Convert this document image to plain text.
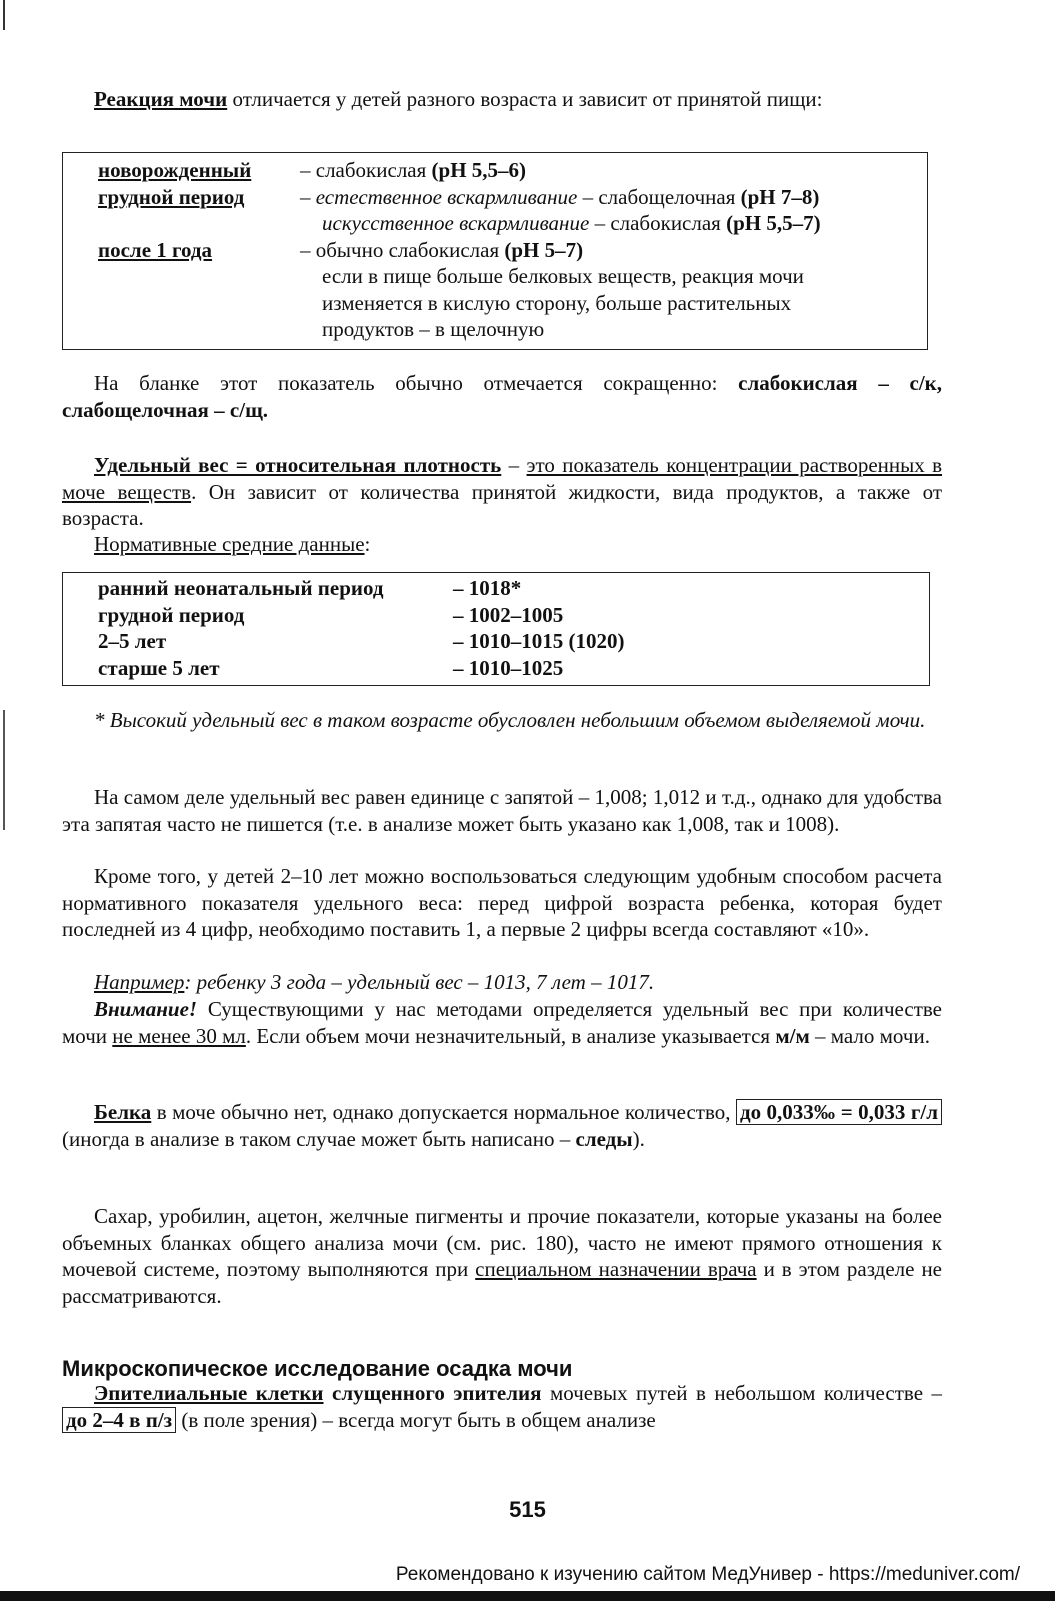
Реакция мочи отличается у детей разного возраста и зависит от принятой пищи:
новорожденный	– слабокислая (pH 5,5–6)
грудной период	– естественное вскармливание – слабощелочная (pH 7–8)
искусственное вскармливание – слабокислая (pH 5,5–7)
после 1 года	– обычно слабокислая (pH 5–7)
если в пище больше белковых веществ, реакция мочи
изменяется в кислую сторону, больше растительных
продуктов – в щелочную
На бланке этот показатель обычно отмечается сокращенно: слабокислая – с/к, слабощелочная – с/щ.
Удельный вес = относительная плотность – это показатель концентрации растворенных в моче веществ. Он зависит от количества принятой жидкости, вида продуктов, а также от возраста.
Нормативные средние данные:
ранний неонатальный период	– 1018*
грудной период	– 1002–1005
2–5 лет	– 1010–1015 (1020)
старше 5 лет	– 1010–1025
* Высокий удельный вес в таком возрасте обусловлен небольшим объемом выделяемой мочи.
На самом деле удельный вес равен единице с запятой – 1,008; 1,012 и т.д., однако для удобства эта запятая часто не пишется (т.е. в анализе может быть указано как 1,008, так и 1008).
Кроме того, у детей 2–10 лет можно воспользоваться следующим удобным способом расчета нормативного показателя удельного веса: перед цифрой возраста ребенка, которая будет последней из 4 цифр, необходимо поставить 1, а первые 2 цифры всегда составляют «10».
Например: ребенку 3 года – удельный вес – 1013, 7 лет – 1017.
Внимание! Существующими у нас методами определяется удельный вес при количестве мочи не менее 30 мл. Если объем мочи незначительный, в анализе указывается м/м – мало мочи.
Белка в моче обычно нет, однако допускается нормальное количество, до 0,033‰ = 0,033 г/л (иногда в анализе в таком случае может быть написано – следы).
Сахар, уробилин, ацетон, желчные пигменты и прочие показатели, которые указаны на более объемных бланках общего анализа мочи (см. рис. 180), часто не имеют прямого отношения к мочевой системе, поэтому выполняются при специальном назначении врача и в этом разделе не рассматриваются.
Микроскопическое исследование осадка мочи
Эпителиальные клетки слущенного эпителия мочевых путей в небольшом количестве – до 2–4 в п/з (в поле зрения) – всегда могут быть в общем анализе
515
Рекомендовано к изучению сайтом МедУнивер - https://meduniver.com/
